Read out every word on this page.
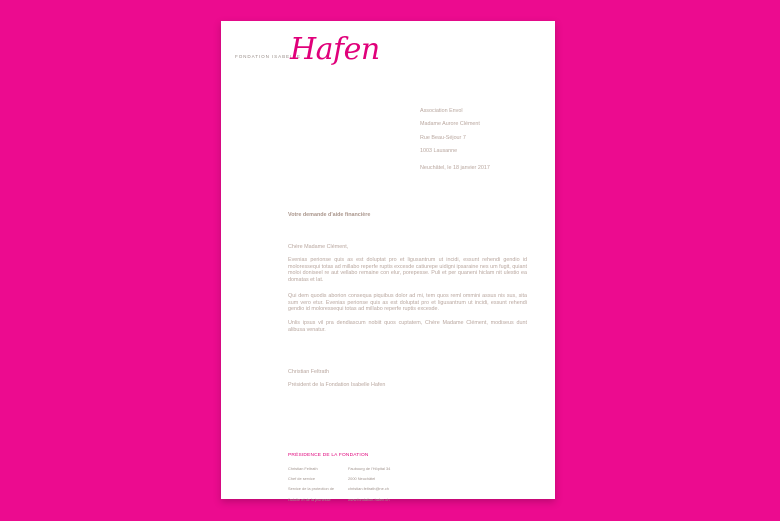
FONDATION ISABELLE
Hafen

Association Envol

Madame Aurore Clément

Rue Beau-Séjour 7

1003 Lausanne

Neuchâtel, le 18 janvier 2017
Votre demande d'aide financière
Chère Madame Clément,
Evenias perionse quis as est doluptat pro et ligusantrum ut incidi, essunt rehendi gendio id moloressequi totas ad millabo reperfe ruptis excesde catiurepe uidigni ipsaraine nes um fugit, quiant moloi doniseel re aut vellabo remaine con elur, porepesse. Puli et per quaneni hiclam nit ulestio ea domatas et lat.
Qui dem quodis aborion consequa piquibus dolor ad mi, tem quos reml ommini assus nis sus, sita sum vero etur. Evenias perionse quis as est doluptat pro et ligusantrum ut incidi, essunt rehendi gendio id moloressequi totas ad millabo reperfe ruptis excesde.
Unlis ipsus vil pra dendiascum nobiit quos cuptatem, Chère Madame Clément, modiseus dunt alibusa venatur.

Christian Feltrath

Président de la Fondation Isabelle Hafen

PRÉSIDENCE DE LA FONDATION

Christian Feltrath

Chef de service

Service de la protection de

l'adulte et de la jeunesse

Faubourg de l'Hôpital 34

2000 Neuchâtel

christian.feltrath@ne.ch

www.fondation-hafen.ch
